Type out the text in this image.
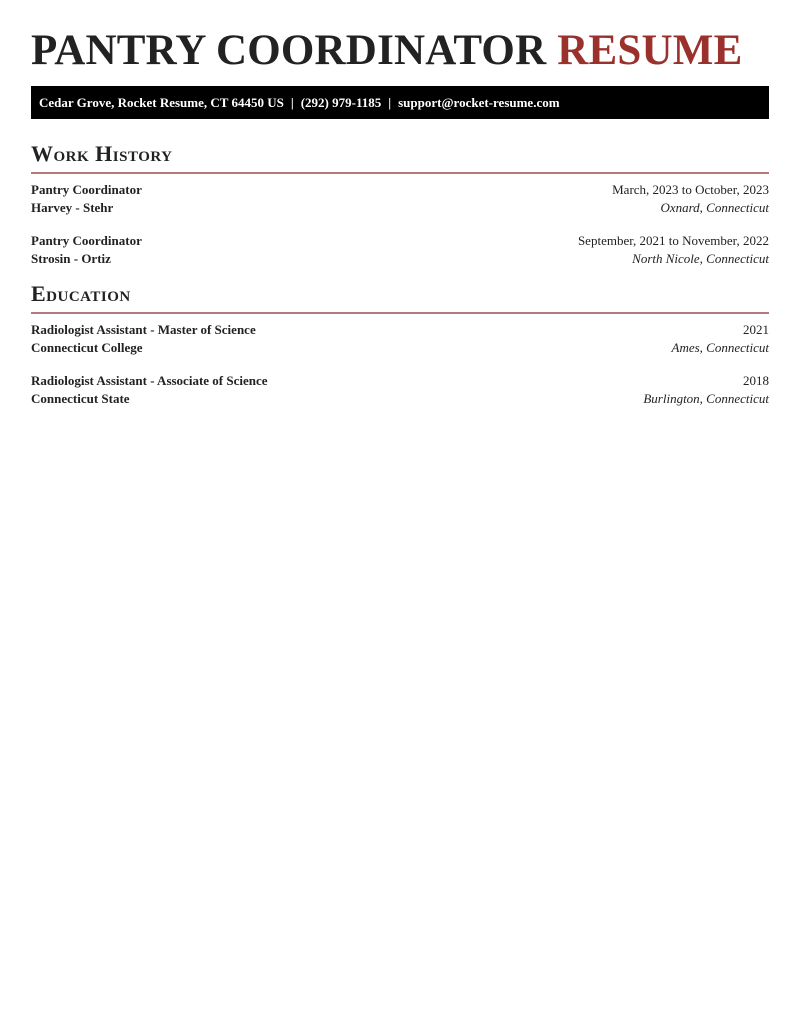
PANTRY COORDINATOR RESUME
Cedar Grove, Rocket Resume, CT 64450 US | (292) 979-1185 | support@rocket-resume.com
Work History
Pantry Coordinator	March, 2023 to October, 2023
Harvey - Stehr	Oxnard, Connecticut
Pantry Coordinator	September, 2021 to November, 2022
Strosin - Ortiz	North Nicole, Connecticut
Education
Radiologist Assistant - Master of Science	2021
Connecticut College	Ames, Connecticut
Radiologist Assistant - Associate of Science	2018
Connecticut State	Burlington, Connecticut
